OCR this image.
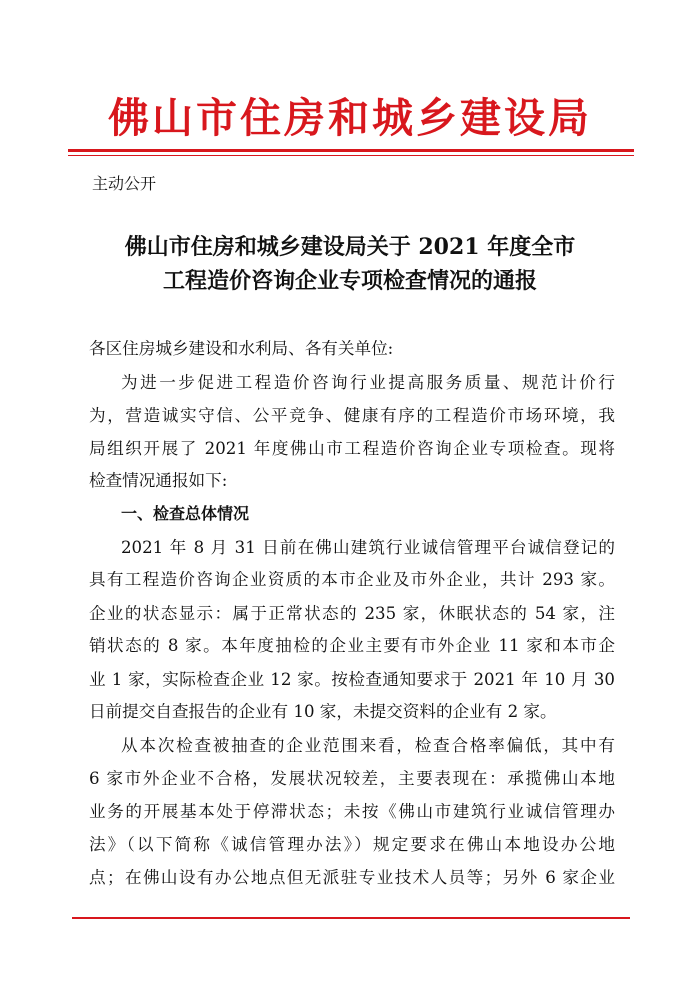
佛山市住房和城乡建设局
主动公开
佛山市住房和城乡建设局关于 2021 年度全市
工程造价咨询企业专项检查情况的通报
各区住房城乡建设和水利局、各有关单位:
为进一步促进工程造价咨询行业提高服务质量、规范计价行
为，营造诚实守信、公平竞争、健康有序的工程造价市场环境，我
局组织开展了 2021 年度佛山市工程造价咨询企业专项检查。现将
检查情况通报如下:
一、检查总体情况
2021 年 8 月 31 日前在佛山建筑行业诚信管理平台诚信登记的
具有工程造价咨询企业资质的本市企业及市外企业，共计 293 家。
企业的状态显示：属于正常状态的 235 家，休眠状态的 54 家，注
销状态的 8 家。本年度抽检的企业主要有市外企业 11 家和本市企
业 1 家，实际检查企业 12 家。按检查通知要求于 2021 年 10 月 30
日前提交自查报告的企业有 10 家，未提交资料的企业有 2 家。
从本次检查被抽查的企业范围来看，检查合格率偏低，其中有
6 家市外企业不合格，发展状况较差，主要表现在：承揽佛山本地
业务的开展基本处于停滞状态；未按《佛山市建筑行业诚信管理办
法》（以下简称《诚信管理办法》）规定要求在佛山本地设办公地
点；在佛山设有办公地点但无派驻专业技术人员等；另外 6 家企业
